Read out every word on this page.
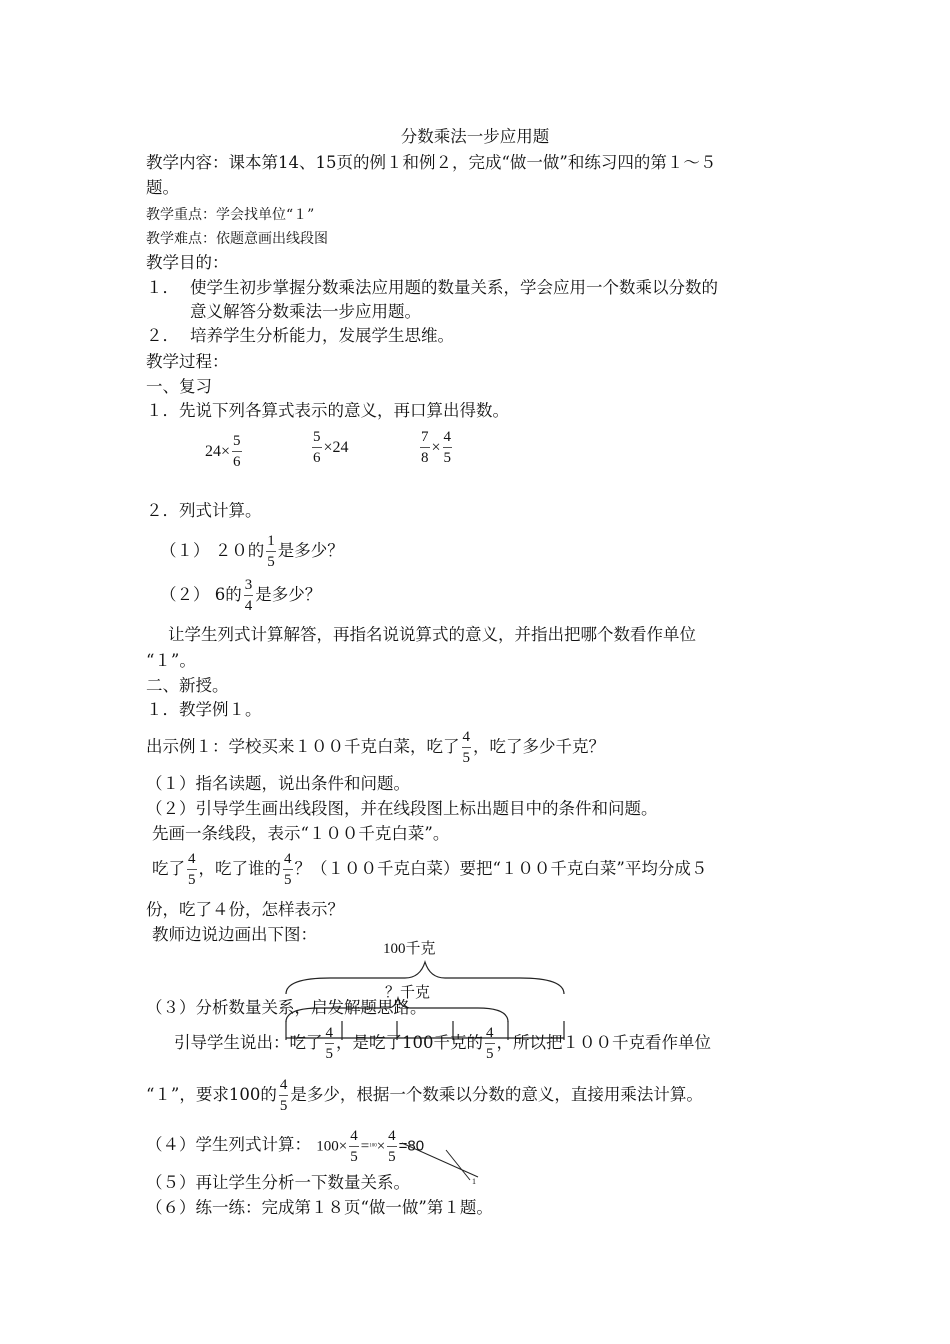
分数乘法一步应用题
教学内容：课本第14、15页的例１和例２，完成“做一做”和练习四的第１～５
题。
教学重点：学会找单位“１”
教学难点：依题意画出线段图
教学目的：
１． 使学生初步掌握分数乘法应用题的数量关系，学会应用一个数乘以分数的
意义解答分数乘法一步应用题。
２． 培养学生分析能力，发展学生思维。
教学过程：
一、复习
１．先说下列各算式表示的意义，再口算出得数。
$24\times \frac{5}{6}$	$\frac{5}{6} \times 24$	$\frac{7}{8} \times \frac{4}{5}$
２．列式计算。
（１） ２０的 $\frac{1}{5}$ 是多少？
（２） 6的 $\frac{3}{4}$ 是多少？
让学生列式计算解答，再指名说说算式的意义，并指出把哪个数看作单位
“１”。
二、新授。
１．教学例１。
出示例１：学校买来１００千克白菜，吃了 $\frac{4}{5}$ ，吃了多少千克？
（１）指名读题，说出条件和问题。
（２）引导学生画出线段图，并在线段图上标出题目中的条件和问题。
先画一条线段，表示“１００千克白菜”。
吃了 $\frac{4}{5}$ ，吃了谁的 $\frac{4}{5}$ ？（１００千克白菜）要把“１００千克白菜”平均分成５
份，吃了４份，怎样表示？
教师边说边画出下图：
100千克
？千克
（３）分析数量关系，启发解题思路。
引导学生说出：吃了 $\frac{4}{5}$ ，是吃了100千克的 $\frac{4}{5}$ ，所以把１００千克看作单位
“１”，要求100的 $\frac{4}{5}$ 是多少，根据一个数乘以分数的意义，直接用乘法计算。
（４）学生列式计算： $100\times \frac{4}{5} =100\times \frac{4}{5} =80$
1
（５）再让学生分析一下数量关系。
（６）练一练：完成第１８页“做一做”第１题。
